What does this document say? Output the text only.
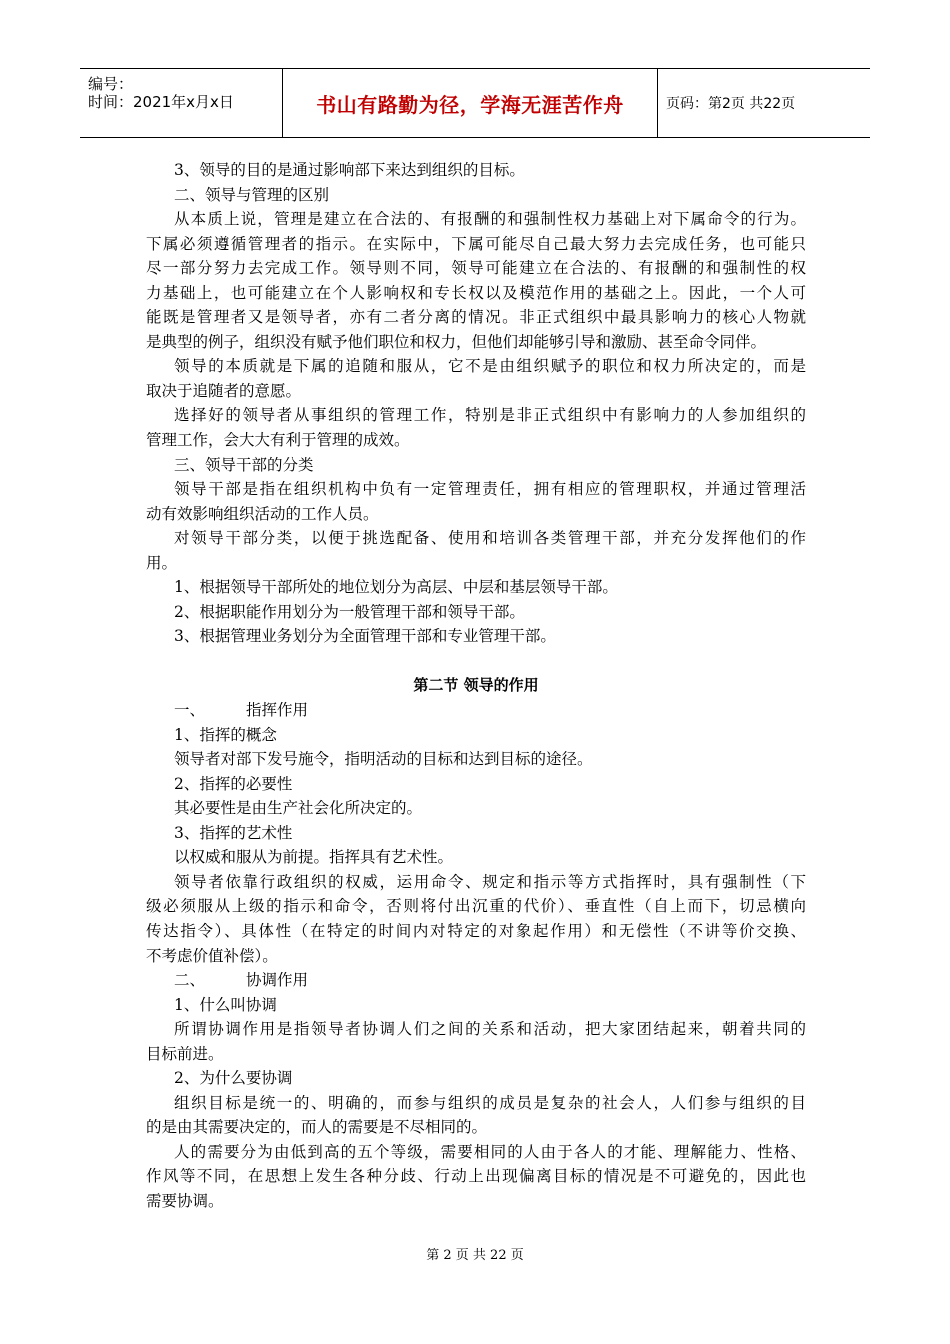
编号：
时间：2021年x月x日	书山有路勤为径，学海无涯苦作舟	页码：第2页 共22页
3、领导的目的是通过影响部下来达到组织的目标。
二、领导与管理的区别
从本质上说，管理是建立在合法的、有报酬的和强制性权力基础上对下属命令的行为。
下属必须遵循管理者的指示。在实际中，下属可能尽自己最大努力去完成任务，也可能只
尽一部分努力去完成工作。领导则不同，领导可能建立在合法的、有报酬的和强制性的权
力基础上，也可能建立在个人影响权和专长权以及模范作用的基础之上。因此，一个人可
能既是管理者又是领导者，亦有二者分离的情况。非正式组织中最具影响力的核心人物就
是典型的例子，组织没有赋予他们职位和权力，但他们却能够引导和激励、甚至命令同伴。
领导的本质就是下属的追随和服从，它不是由组织赋予的职位和权力所决定的，而是
取决于追随者的意愿。
选择好的领导者从事组织的管理工作，特别是非正式组织中有影响力的人参加组织的
管理工作，会大大有利于管理的成效。
三、领导干部的分类
领导干部是指在组织机构中负有一定管理责任，拥有相应的管理职权，并通过管理活
动有效影响组织活动的工作人员。
对领导干部分类，以便于挑选配备、使用和培训各类管理干部，并充分发挥他们的作
用。
1、根据领导干部所处的地位划分为高层、中层和基层领导干部。
2、根据职能作用划分为一般管理干部和领导干部。
3、根据管理业务划分为全面管理干部和专业管理干部。
第二节 领导的作用
一、	指挥作用
1、指挥的概念
领导者对部下发号施令，指明活动的目标和达到目标的途径。
2、指挥的必要性
其必要性是由生产社会化所决定的。
3、指挥的艺术性
以权威和服从为前提。指挥具有艺术性。
领导者依靠行政组织的权威，运用命令、规定和指示等方式指挥时，具有强制性（下
级必须服从上级的指示和命令，否则将付出沉重的代价）、垂直性（自上而下，切忌横向
传达指令）、具体性（在特定的时间内对特定的对象起作用）和无偿性（不讲等价交换、
不考虑价值补偿）。
二、	协调作用
1、什么叫协调
所谓协调作用是指领导者协调人们之间的关系和活动，把大家团结起来，朝着共同的
目标前进。
2、为什么要协调
组织目标是统一的、明确的，而参与组织的成员是复杂的社会人，人们参与组织的目
的是由其需要决定的，而人的需要是不尽相同的。
人的需要分为由低到高的五个等级，需要相同的人由于各人的才能、理解能力、性格、
作风等不同，在思想上发生各种分歧、行动上出现偏离目标的情况是不可避免的，因此也
需要协调。
第 2 页 共 22 页
